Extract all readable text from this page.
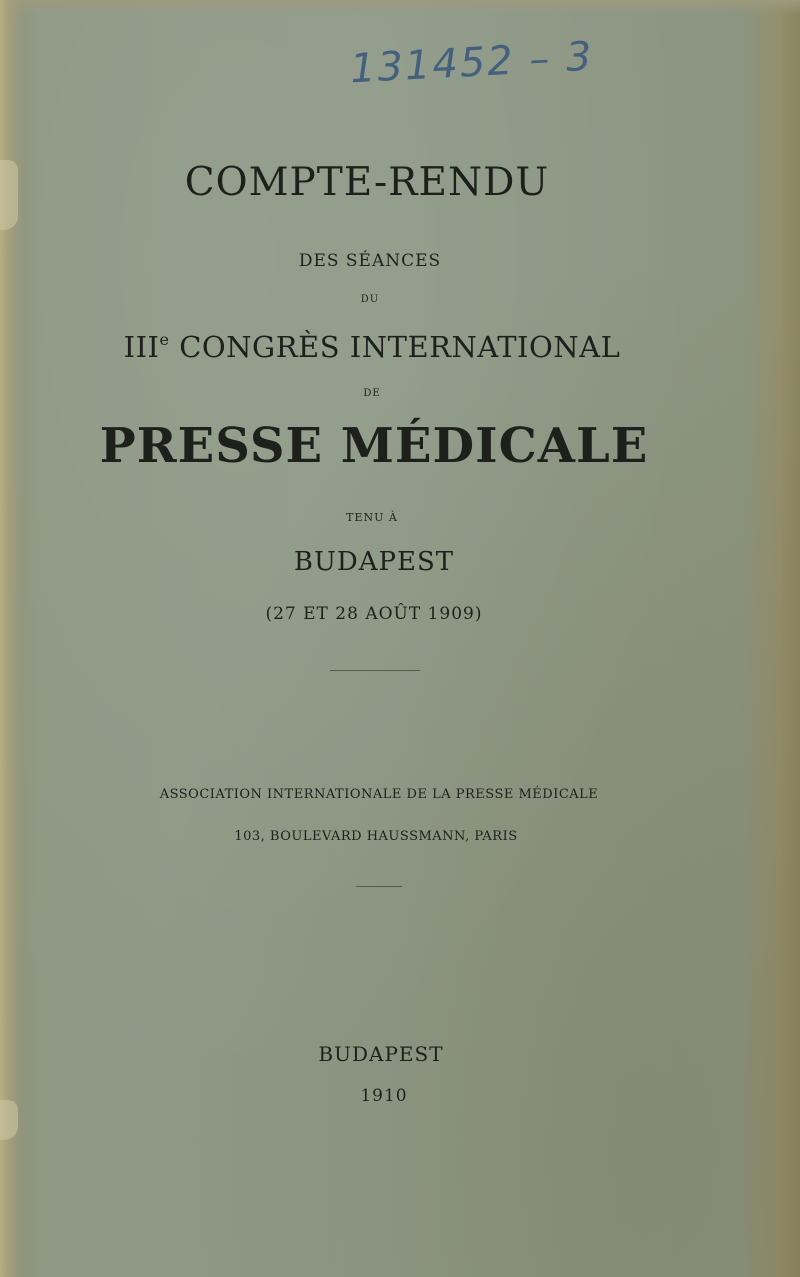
131452 – 3
COMPTE-RENDU
DES SÉANCES
DU
IIIe CONGRÈS INTERNATIONAL
DE
PRESSE MÉDICALE
TENU À
BUDAPEST
(27 ET 28 AOÛT 1909)
ASSOCIATION INTERNATIONALE DE LA PRESSE MÉDICALE
103, BOULEVARD HAUSSMANN, PARIS
BUDAPEST
1910
